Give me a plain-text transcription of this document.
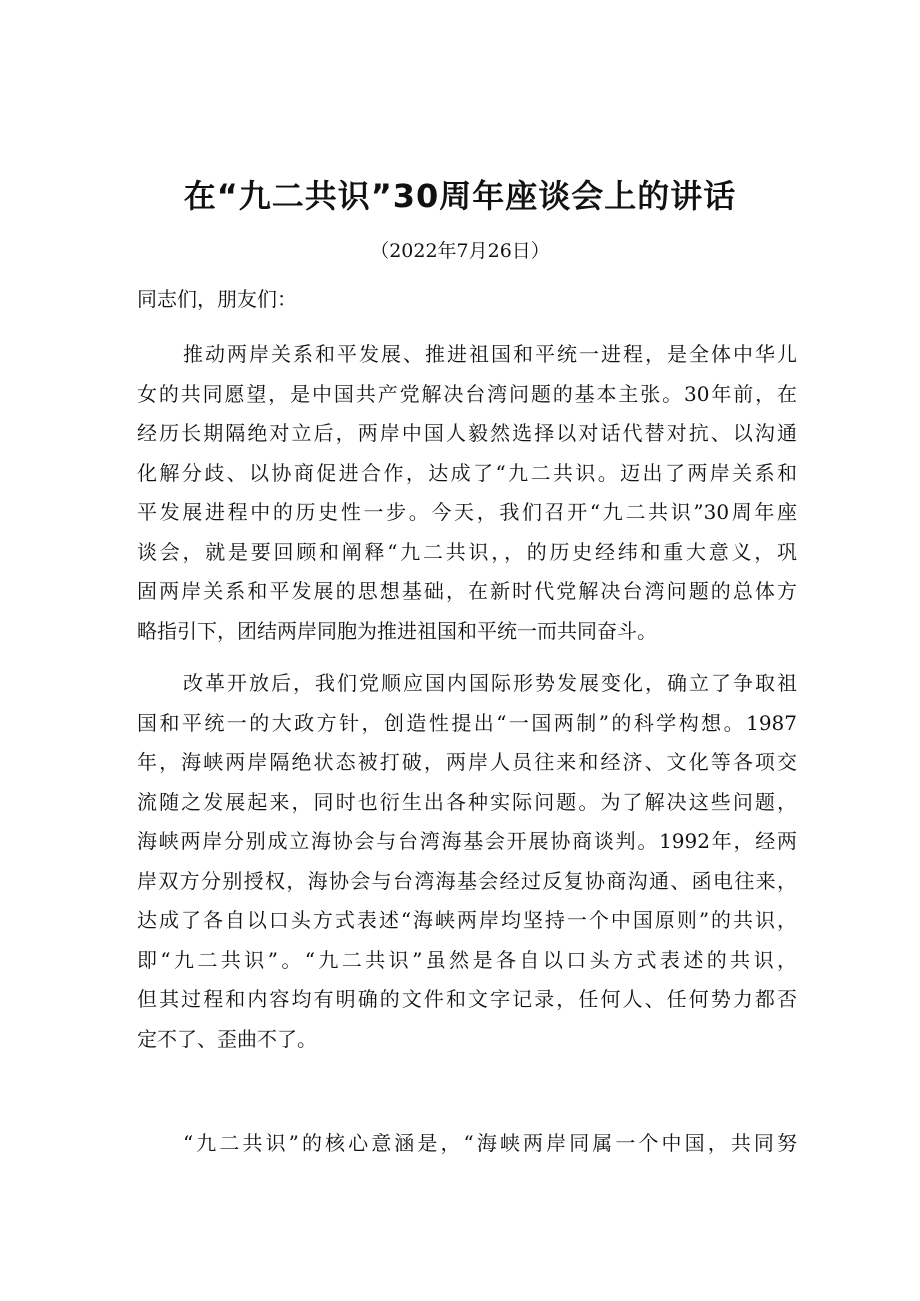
在“九二共识”30周年座谈会上的讲话

（2022年7月26日）

同志们，朋友们：

推动两岸关系和平发展、推进祖国和平统一进程，是全体中华儿
女的共同愿望，是中国共产党解决台湾问题的基本主张。30年前，在
经历长期隔绝对立后，两岸中国人毅然选择以对话代替对抗、以沟通
化解分歧、以协商促进合作，达成了“九二共识。迈出了两岸关系和
平发展进程中的历史性一步。今天，我们召开“九二共识”30周年座
谈会，就是要回顾和阐释“九二共识，，的历史经纬和重大意义，巩
固两岸关系和平发展的思想基础，在新时代党解决台湾问题的总体方
略指引下，团结两岸同胞为推进祖国和平统一而共同奋斗。
改革开放后，我们党顺应国内国际形势发展变化，确立了争取祖
国和平统一的大政方针，创造性提出“一国两制”的科学构想。1987
年，海峡两岸隔绝状态被打破，两岸人员往来和经济、文化等各项交
流随之发展起来，同时也衍生出各种实际问题。为了解决这些问题，
海峡两岸分别成立海协会与台湾海基会开展协商谈判。1992年，经两
岸双方分别授权，海协会与台湾海基会经过反复协商沟通、函电往来，
达成了各自以口头方式表述“海峡两岸均坚持一个中国原则”的共识，
即“九二共识”。“九二共识”虽然是各自以口头方式表述的共识，
但其过程和内容均有明确的文件和文字记录，任何人、任何势力都否
定不了、歪曲不了。
“九二共识”的核心意涵是，“海峡两岸同属一个中国，共同努
